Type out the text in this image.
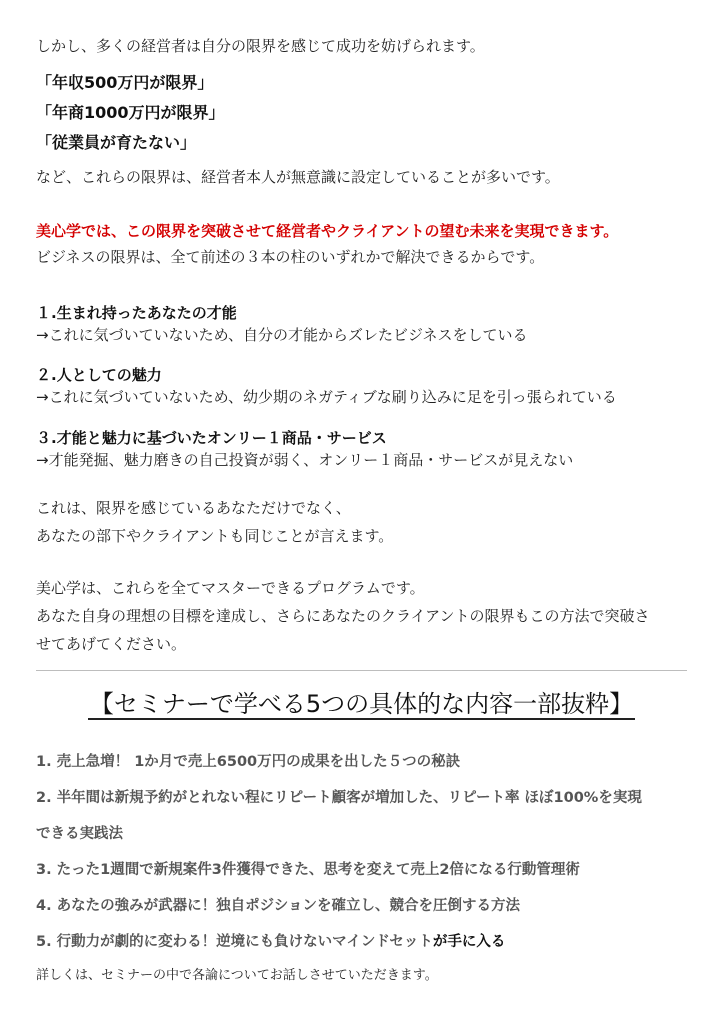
しかし、多くの経営者は自分の限界を感じて成功を妨げられます。

「年収500万円が限界」

「年商1000万円が限界」

「従業員が育たない」

など、これらの限界は、経営者本人が無意識に設定していることが多いです。

美心学では、この限界を突破させて経営者やクライアントの望む未来を実現できます。

ビジネスの限界は、全て前述の３本の柱のいずれかで解決できるからです。

１.生まれ持ったあなたの才能

→これに気づいていないため、自分の才能からズレたビジネスをしている

２.人としての魅力

→これに気づいていないため、幼少期のネガティブな刷り込みに足を引っ張られている

３.才能と魅力に基づいたオンリー１商品・サービス

→才能発掘、魅力磨きの自己投資が弱く、オンリー１商品・サービスが見えない

これは、限界を感じているあなただけでなく、

あなたの部下やクライアントも同じことが言えます。

美心学は、これらを全てマスターできるプログラムです。

あなた自身の理想の目標を達成し、さらにあなたのクライアントの限界もこの方法で突破さ

せてあげてください。

【セミナーで学べる5つの具体的な内容一部抜粋】

1. 売上急増！ 1か月で売上6500万円の成果を出した５つの秘訣

2. 半年間は新規予約がとれない程にリピート顧客が増加した、リピート率 ほぼ100%を実現

できる実践法

3. たった1週間で新規案件3件獲得できた、思考を変えて売上2倍になる行動管理術

4. あなたの強みが武器に！独自ポジションを確立し、競合を圧倒する方法

5. 行動力が劇的に変わる！逆境にも負けないマインドセットが手に入る

詳しくは、セミナーの中で各論についてお話しさせていただきます。
